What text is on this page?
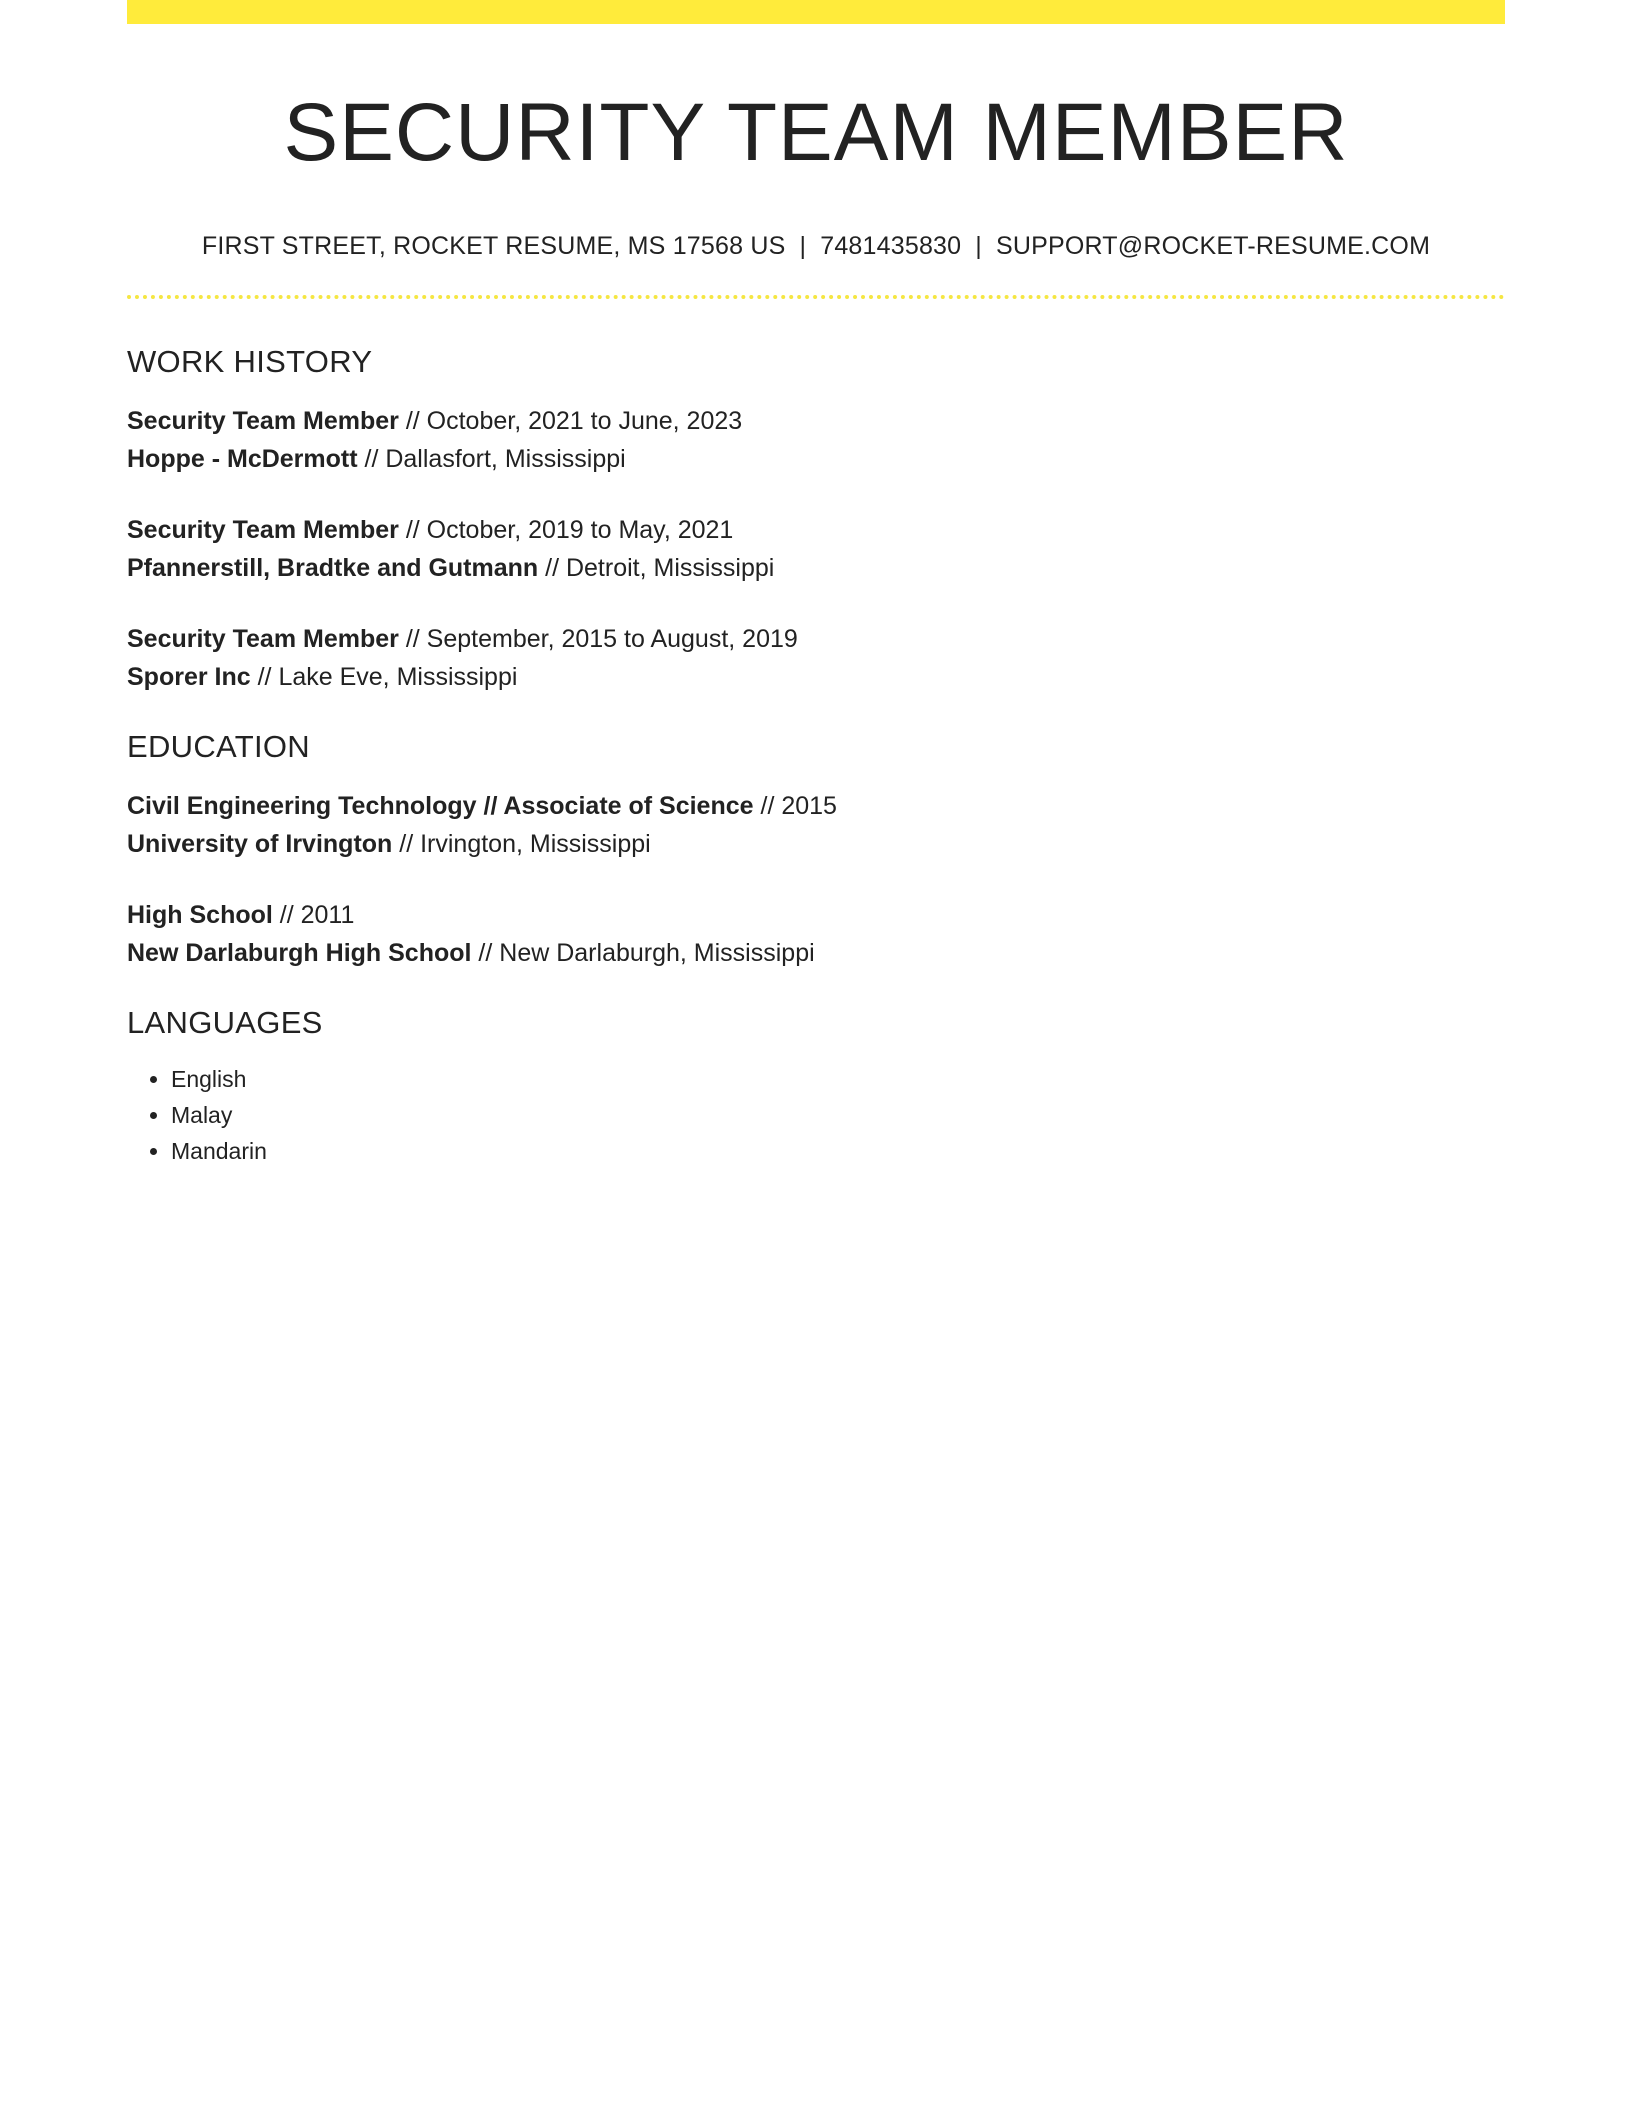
SECURITY TEAM MEMBER
FIRST STREET, ROCKET RESUME, MS 17568 US | 7481435830 | SUPPORT@ROCKET-RESUME.COM
WORK HISTORY
Security Team Member // October, 2021 to June, 2023
Hoppe - McDermott // Dallasfort, Mississippi
Security Team Member // October, 2019 to May, 2021
Pfannerstill, Bradtke and Gutmann // Detroit, Mississippi
Security Team Member // September, 2015 to August, 2019
Sporer Inc // Lake Eve, Mississippi
EDUCATION
Civil Engineering Technology // Associate of Science // 2015
University of Irvington // Irvington, Mississippi
High School // 2011
New Darlaburgh High School // New Darlaburgh, Mississippi
LANGUAGES
• English
• Malay
• Mandarin
